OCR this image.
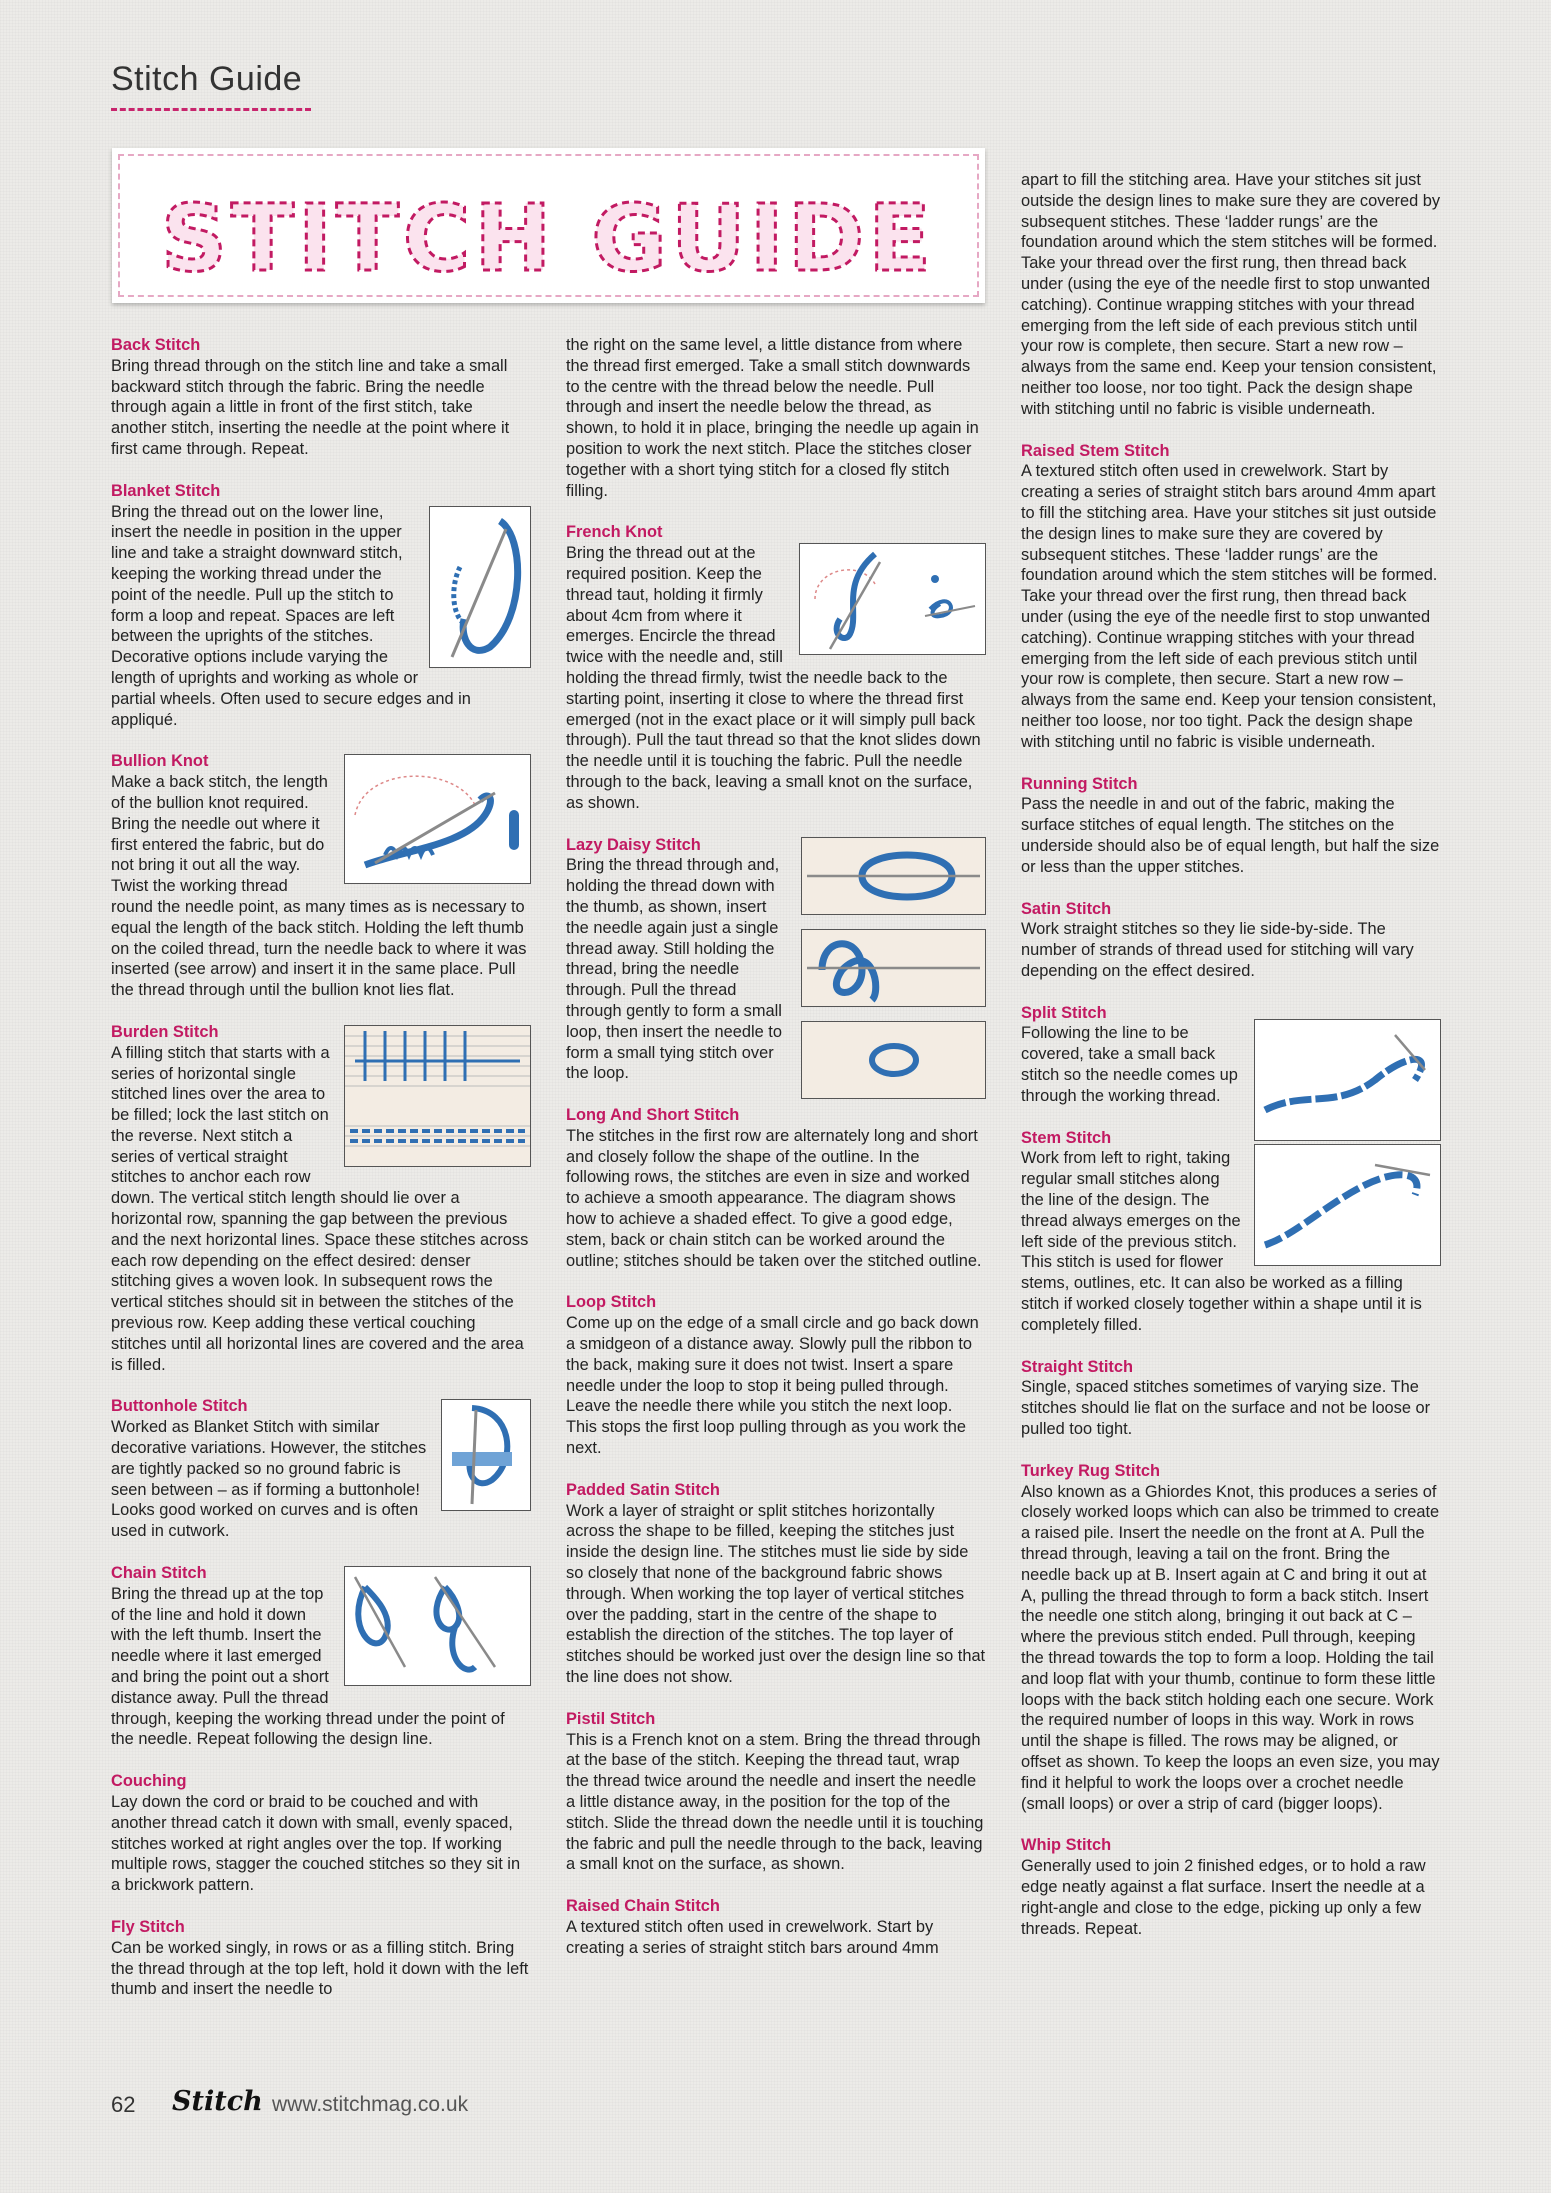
Stitch Guide
STITCH GUIDE
Back Stitch

Bring thread through on the stitch line and take a small backward stitch through the fabric. Bring the needle through again a little in front of the first stitch, take another stitch, inserting the needle at the point where it first came through. Repeat.

Blanket Stitch

Bring the thread out on the lower line, insert the needle in position in the upper line and take a straight downward stitch, keeping the working thread under the point of the needle. Pull up the stitch to form a loop and repeat. Spaces are left between the uprights of the stitches. Decorative options include varying the length of uprights and working as whole or partial wheels. Often used to secure edges and in appliqué.

Bullion Knot

Make a back stitch, the length of the bullion knot required. Bring the needle out where it first entered the fabric, but do not bring it out all the way. Twist the working thread round the needle point, as many times as is necessary to equal the length of the back stitch. Holding the left thumb on the coiled thread, turn the needle back to where it was inserted (see arrow) and insert it in the same place. Pull the thread through until the bullion knot lies flat.

Burden Stitch

A filling stitch that starts with a series of horizontal single stitched lines over the area to be filled; lock the last stitch on the reverse. Next stitch a series of vertical straight stitches to anchor each row down. The vertical stitch length should lie over a horizontal row, spanning the gap between the previous and the next horizontal lines. Space these stitches across each row depending on the effect desired: denser stitching gives a woven look. In subsequent rows the vertical stitches should sit in between the stitches of the previous row. Keep adding these vertical couching stitches until all horizontal lines are covered and the area is filled.

Buttonhole Stitch

Worked as Blanket Stitch with similar decorative variations. However, the stitches are tightly packed so no ground fabric is seen between – as if forming a buttonhole! Looks good worked on curves and is often used in cutwork.

Chain Stitch

Bring the thread up at the top of the line and hold it down with the left thumb. Insert the needle where it last emerged and bring the point out a short distance away. Pull the thread through, keeping the working thread under the point of the needle. Repeat following the design line.

Couching

Lay down the cord or braid to be couched and with another thread catch it down with small, evenly spaced, stitches worked at right angles over the top. If working multiple rows, stagger the couched stitches so they sit in a brickwork pattern.

Fly Stitch

Can be worked singly, in rows or as a filling stitch. Bring the thread through at the top left, hold it down with the left thumb and insert the needle to

the right on the same level, a little distance from where the thread first emerged. Take a small stitch downwards to the centre with the thread below the needle. Pull through and insert the needle below the thread, as shown, to hold it in place, bringing the needle up again in position to work the next stitch. Place the stitches closer together with a short tying stitch for a closed fly stitch filling.

French Knot

Bring the thread out at the required position. Keep the thread taut, holding it firmly about 4cm from where it emerges. Encircle the thread twice with the needle and, still holding the thread firmly, twist the needle back to the starting point, inserting it close to where the thread first emerged (not in the exact place or it will simply pull back through). Pull the taut thread so that the knot slides down the needle until it is touching the fabric. Pull the needle through to the back, leaving a small knot on the surface, as shown.

Lazy Daisy Stitch

Bring the thread through and, holding the thread down with the thumb, as shown, insert the needle again just a single thread away. Still holding the thread, bring the needle through. Pull the thread through gently to form a small loop, then insert the needle to form a small tying stitch over the loop.

Long And Short Stitch

The stitches in the first row are alternately long and short and closely follow the shape of the outline. In the following rows, the stitches are even in size and worked to achieve a smooth appearance. The diagram shows how to achieve a shaded effect. To give a good edge, stem, back or chain stitch can be worked around the outline; stitches should be taken over the stitched outline.

Loop Stitch

Come up on the edge of a small circle and go back down a smidgeon of a distance away. Slowly pull the ribbon to the back, making sure it does not twist. Insert a spare needle under the loop to stop it being pulled through. Leave the needle there while you stitch the next loop. This stops the first loop pulling through as you work the next.

Padded Satin Stitch

Work a layer of straight or split stitches horizontally across the shape to be filled, keeping the stitches just inside the design line. The stitches must lie side by side so closely that none of the background fabric shows through. When working the top layer of vertical stitches over the padding, start in the centre of the shape to establish the direction of the stitches. The top layer of stitches should be worked just over the design line so that the line does not show.

Pistil Stitch

This is a French knot on a stem. Bring the thread through at the base of the stitch. Keeping the thread taut, wrap the thread twice around the needle and insert the needle a little distance away, in the position for the top of the stitch. Slide the thread down the needle until it is touching the fabric and pull the needle through to the back, leaving a small knot on the surface, as shown.

Raised Chain Stitch

A textured stitch often used in crewelwork. Start by creating a series of straight stitch bars around 4mm

apart to fill the stitching area. Have your stitches sit just outside the design lines to make sure they are covered by subsequent stitches. These ‘ladder rungs’ are the foundation around which the stem stitches will be formed. Take your thread over the first rung, then thread back under (using the eye of the needle first to stop unwanted catching). Continue wrapping stitches with your thread emerging from the left side of each previous stitch until your row is complete, then secure. Start a new row – always from the same end. Keep your tension consistent, neither too loose, nor too tight. Pack the design shape with stitching until no fabric is visible underneath.

Raised Stem Stitch

A textured stitch often used in crewelwork. Start by creating a series of straight stitch bars around 4mm apart to fill the stitching area. Have your stitches sit just outside the design lines to make sure they are covered by subsequent stitches. These ‘ladder rungs’ are the foundation around which the stem stitches will be formed. Take your thread over the first rung, then thread back under (using the eye of the needle first to stop unwanted catching). Continue wrapping stitches with your thread emerging from the left side of each previous stitch until your row is complete, then secure. Start a new row – always from the same end. Keep your tension consistent, neither too loose, nor too tight. Pack the design shape with stitching until no fabric is visible underneath.

Running Stitch

Pass the needle in and out of the fabric, making the surface stitches of equal length. The stitches on the underside should also be of equal length, but half the size or less than the upper stitches.

Satin Stitch

Work straight stitches so they lie side-by-side. The number of strands of thread used for stitching will vary depending on the effect desired.

Split Stitch

Following the line to be covered, take a small back stitch so the needle comes up through the working thread.

Stem Stitch

Work from left to right, taking regular small stitches along the line of the design. The thread always emerges on the left side of the previous stitch. This stitch is used for flower stems, outlines, etc. It can also be worked as a filling stitch if worked closely together within a shape until it is completely filled.

Straight Stitch

Single, spaced stitches sometimes of varying size. The stitches should lie flat on the surface and not be loose or pulled too tight.

Turkey Rug Stitch

Also known as a Ghiordes Knot, this produces a series of closely worked loops which can also be trimmed to create a raised pile. Insert the needle on the front at A. Pull the thread through, leaving a tail on the front. Bring the needle back up at B. Insert again at C and bring it out at A, pulling the thread through to form a back stitch. Insert the needle one stitch along, bringing it out back at C – where the previous stitch ended. Pull through, keeping the thread towards the top to form a loop. Holding the tail and loop flat with your thumb, continue to form these little loops with the back stitch holding each one secure. Work the required number of loops in this way. Work in rows until the shape is filled. The rows may be aligned, or offset as shown. To keep the loops an even size, you may find it helpful to work the loops over a crochet needle (small loops) or over a strip of card (bigger loops).

Whip Stitch

Generally used to join 2 finished edges, or to hold a raw edge neatly against a flat surface. Insert the needle at a right-angle and close to the edge, picking up only a few threads. Repeat.

62 Stitch www.stitchmag.co.uk
